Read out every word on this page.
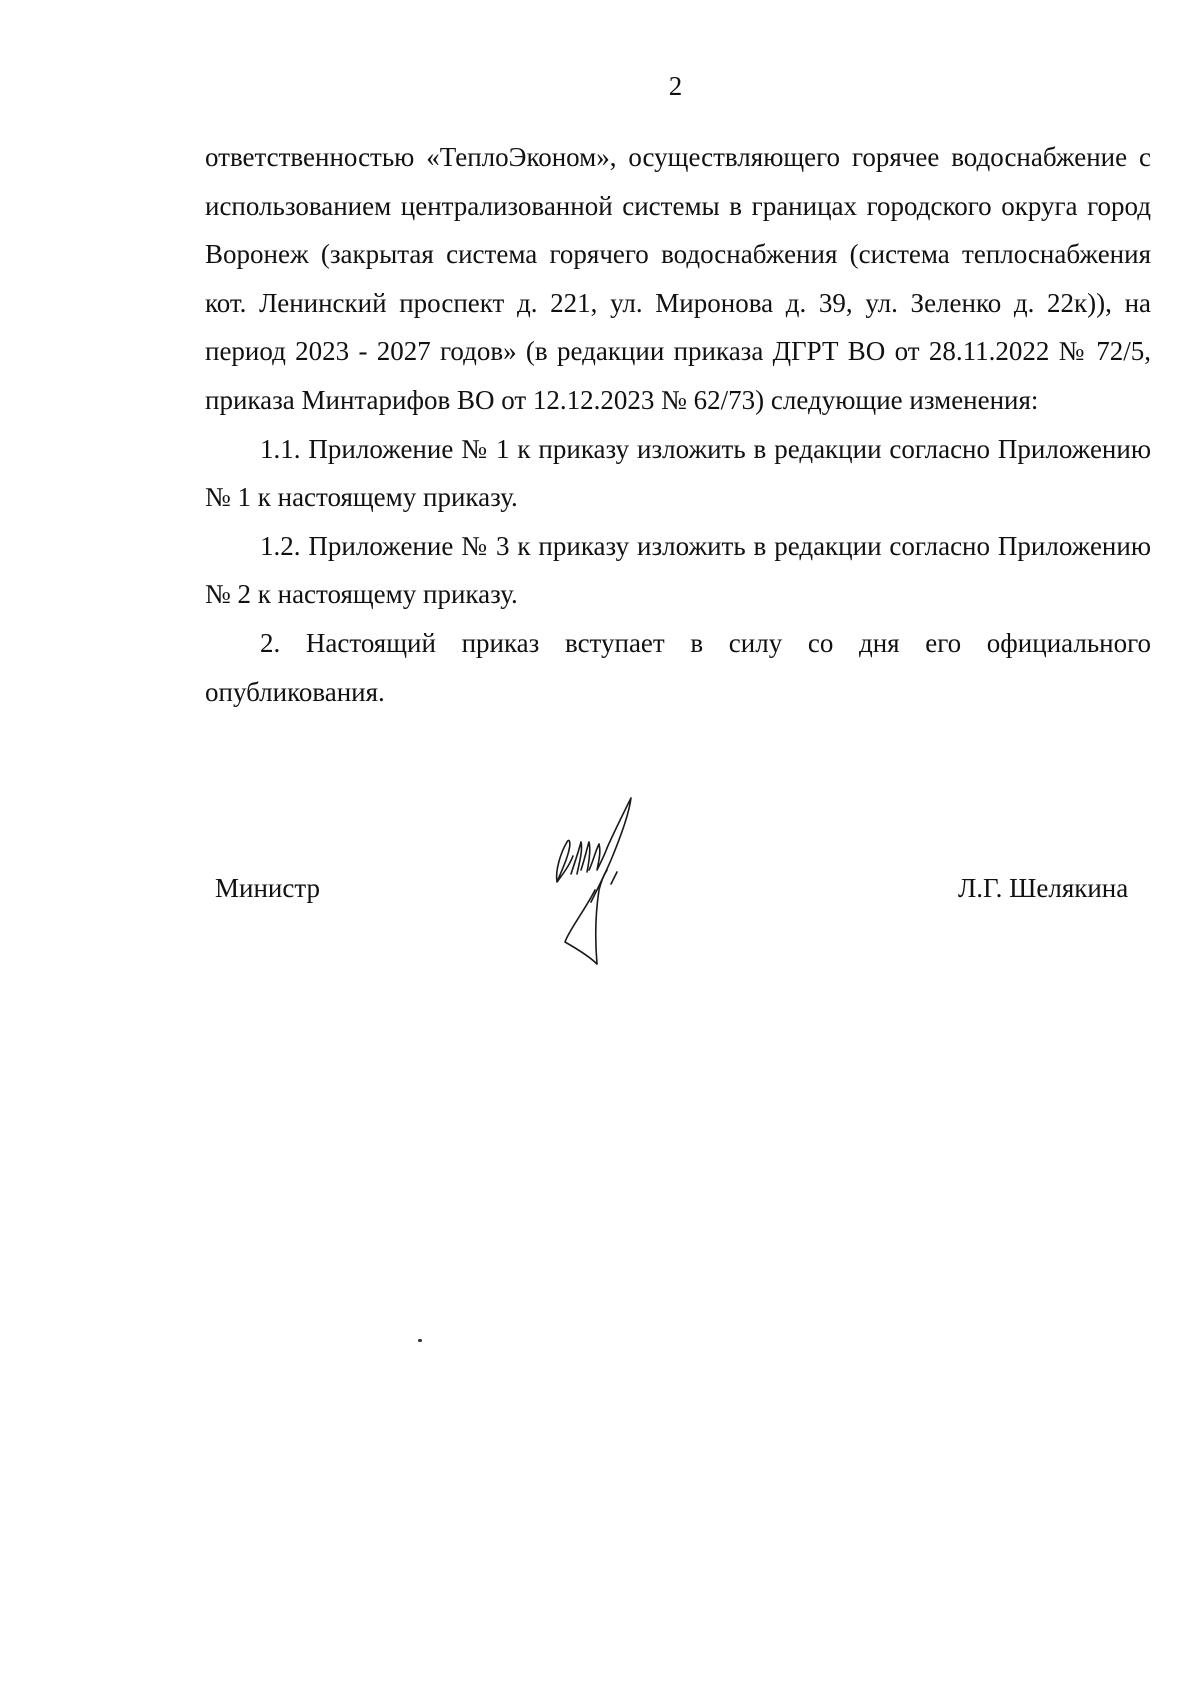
2

ответственностью «ТеплоЭконом», осуществляющего горячее водоснабжение с использованием централизованной системы в границах городского округа город Воронеж (закрытая система горячего водоснабжения (система теплоснабжения кот. Ленинский проспект д. 221, ул. Миронова д. 39, ул. Зеленко д. 22к)), на период 2023 - 2027 годов» (в редакции приказа ДГРТ ВО от 28.11.2022 № 72/5, приказа Минтарифов ВО от 12.12.2023 № 62/73) следующие изменения:

1.1. Приложение № 1 к приказу изложить в редакции согласно Приложению № 1 к настоящему приказу.

1.2. Приложение № 3 к приказу изложить в редакции согласно Приложению № 2 к настоящему приказу.

2. Настоящий приказ вступает в силу со дня его официального опубликования.

Министр	Л.Г. Шелякина
